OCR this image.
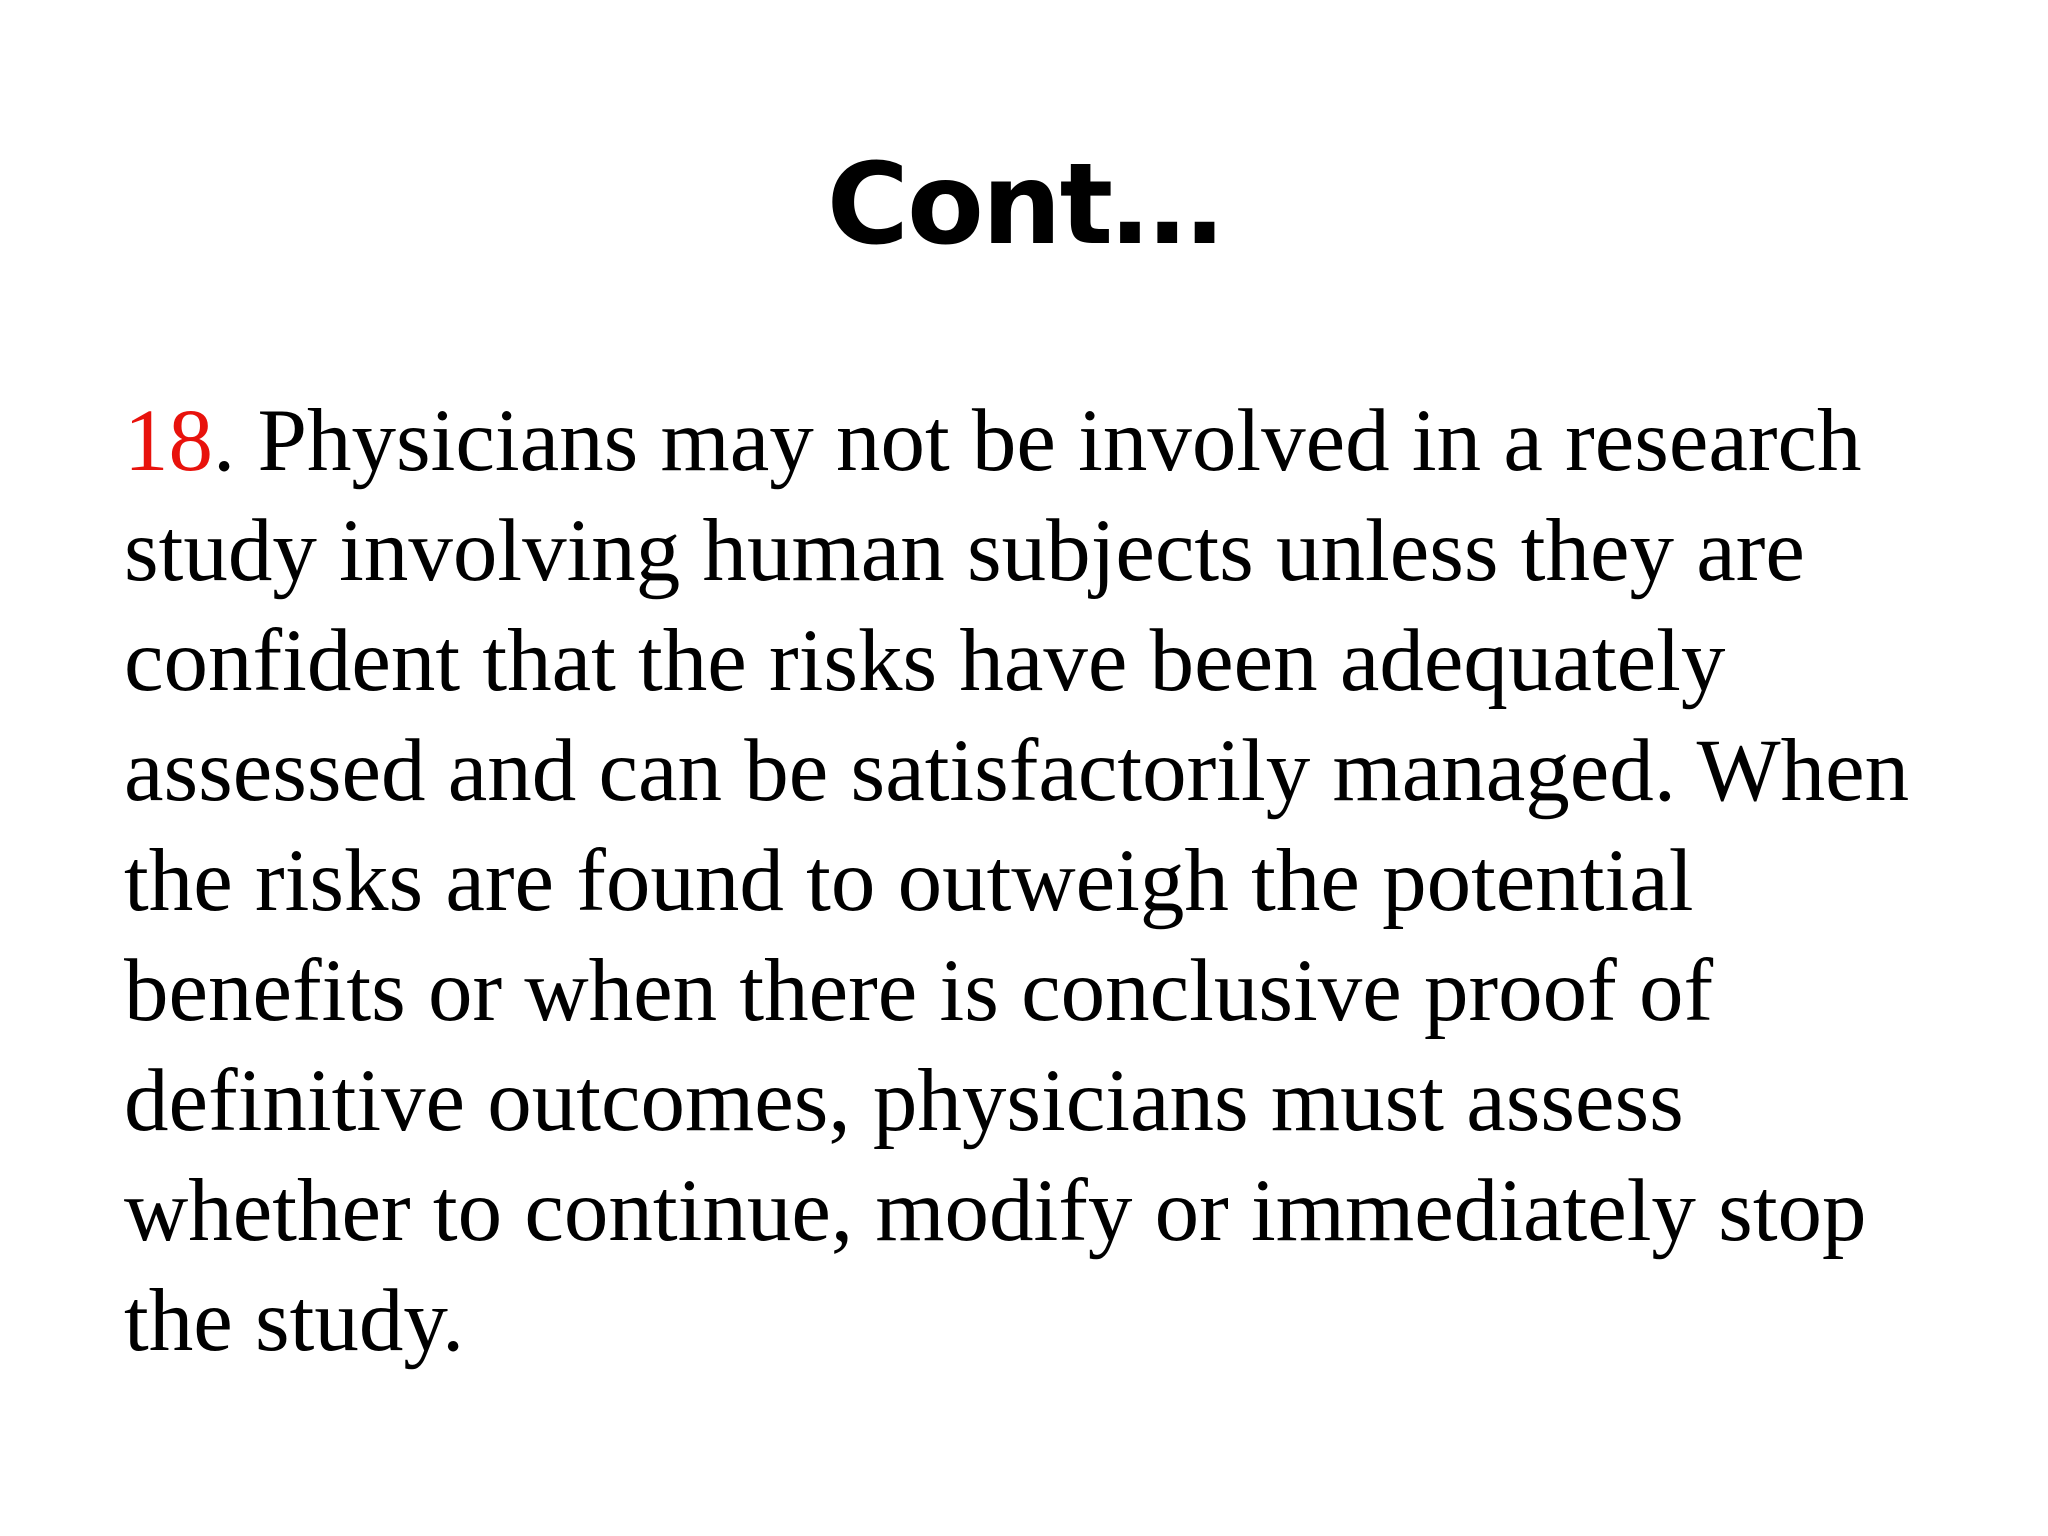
Cont…

18. Physicians may not be involved in a research study involving human subjects unless they are confident that the risks have been adequately assessed and can be satisfactorily managed. When the risks are found to outweigh the potential benefits or when there is conclusive proof of definitive outcomes, physicians must assess whether to continue, modify or immediately stop the study.
